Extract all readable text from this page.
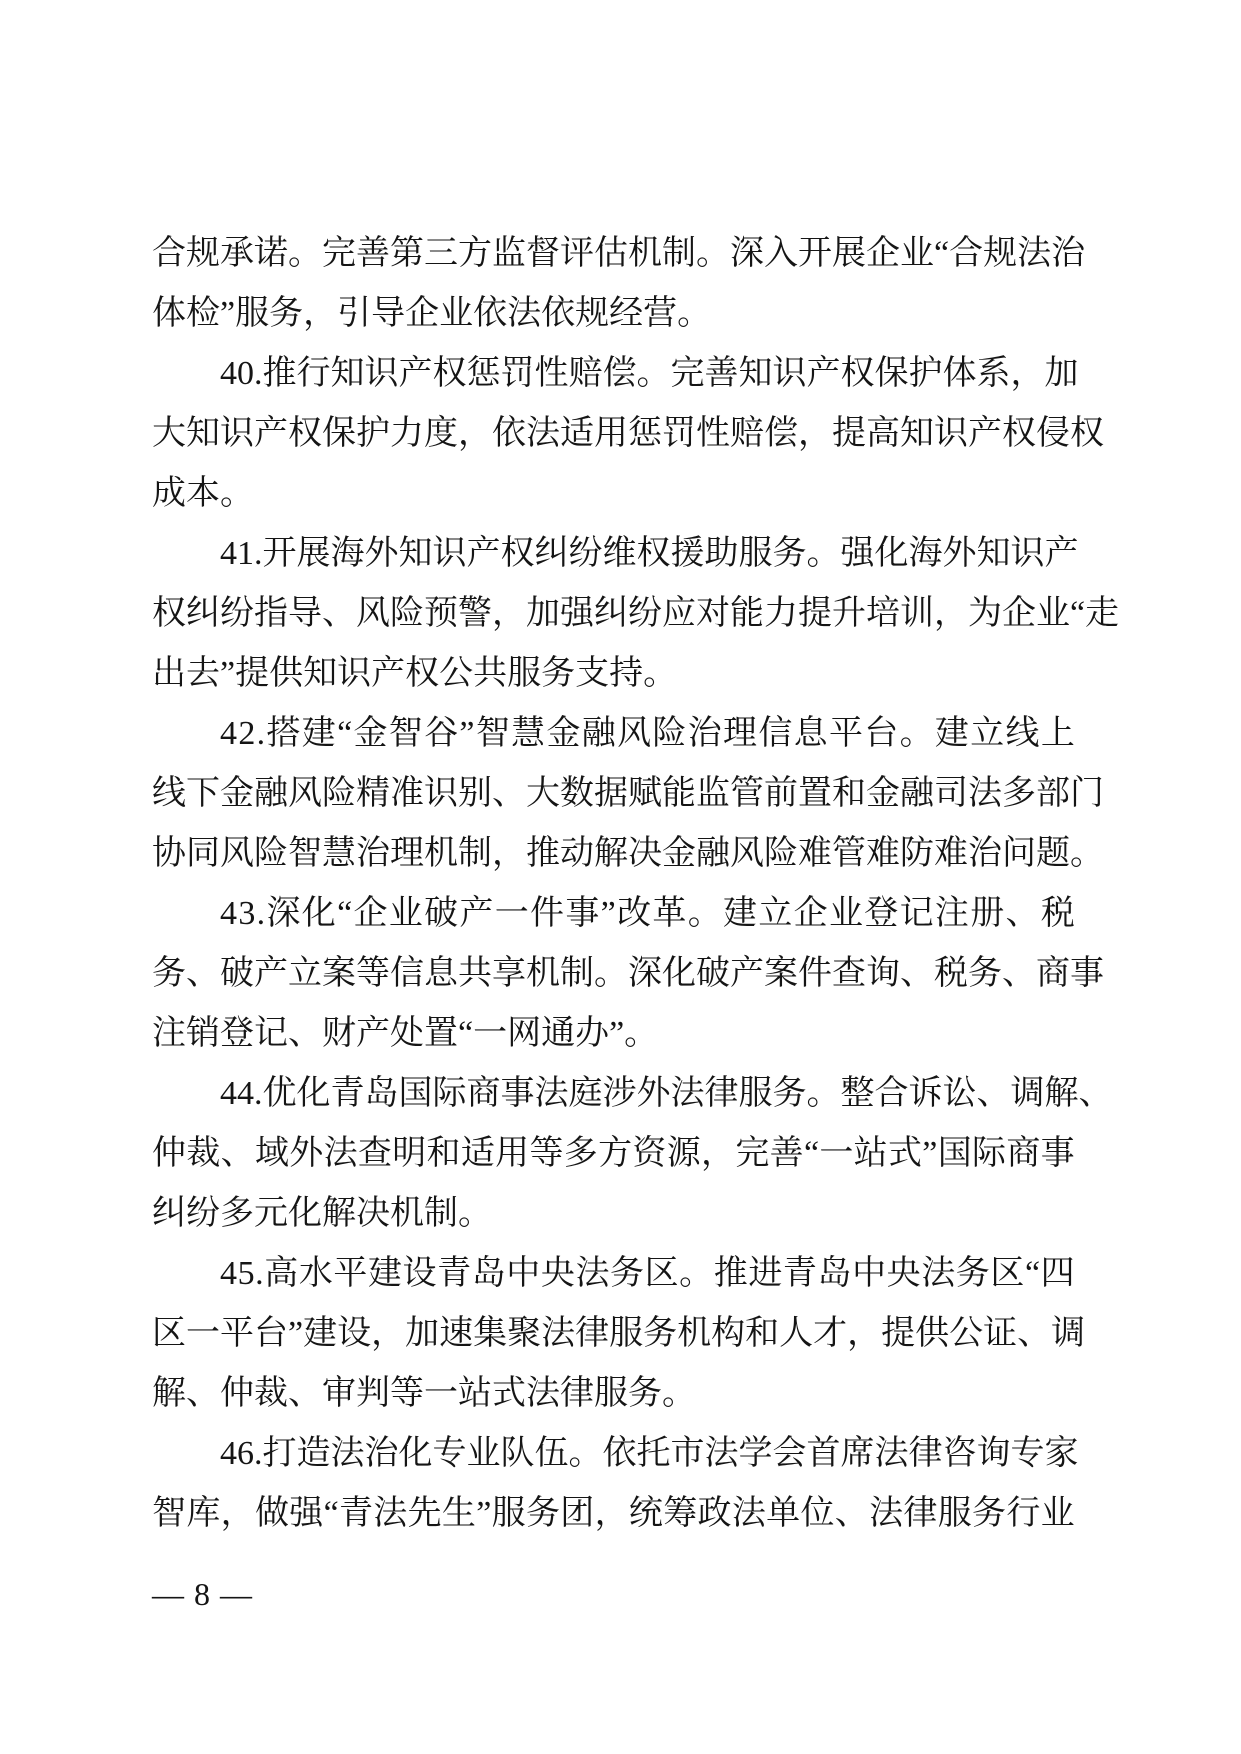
合 规 承 诺 。 完 善 第 三 方 监 督 评 估 机 制 。 深 入 开 展 企 业 “ 合 规 法 治
体检”服务，引导企业依法依规经营。
4 0 . 推 行 知 识 产 权 惩 罚 性 赔 偿 。 完 善 知 识 产 权 保 护 体 系 ， 加
大 知 识 产 权 保 护 力 度 ， 依 法 适 用 惩 罚 性 赔 偿 ， 提 高 知 识 产 权 侵 权
成本。
4 1 . 开 展 海 外 知 识 产 权 纠 纷 维 权 援 助 服 务 。 强 化 海 外 知 识 产
权 纠 纷 指 导 、 风 险 预 警 ， 加 强 纠 纷 应 对 能 力 提 升 培 训 ， 为 企 业 “ 走
出去”提供知识产权公共服务支持。
4 2 . 搭 建 “ 金 智 谷 ” 智 慧 金 融 风 险 治 理 信 息 平 台 。 建 立 线 上
线 下 金 融 风 险 精 准 识 别 、 大 数 据 赋 能 监 管 前 置 和 金 融 司 法 多 部 门
协 同 风 险 智 慧 治 理 机 制 ， 推 动 解 决 金 融 风 险 难 管 难 防 难 治 问 题 。
4 3 . 深 化 “ 企 业 破 产 一 件 事 ” 改 革 。 建 立 企 业 登 记 注 册 、 税
务 、 破 产 立 案 等 信 息 共 享 机 制 。 深 化 破 产 案 件 查 询 、 税 务 、 商 事
注销登记、财产处置“一网通办”。
4 4 . 优 化 青 岛 国 际 商 事 法 庭 涉 外 法 律 服 务 。 整 合 诉 讼 、 调 解 、
仲 裁 、 域 外 法 查 明 和 适 用 等 多 方 资 源 ， 完 善 “ 一 站 式 ” 国 际 商 事
纠纷多元化解决机制。
4 5 . 高 水 平 建 设 青 岛 中 央 法 务 区 。 推 进 青 岛 中 央 法 务 区 “ 四
区 一 平 台 ” 建 设 ， 加 速 集 聚 法 律 服 务 机 构 和 人 才 ， 提 供 公 证 、 调
解、仲裁、审判等一站式法律服务。
4 6 . 打 造 法 治 化 专 业 队 伍 。 依 托 市 法 学 会 首 席 法 律 咨 询 专 家
智 库 ， 做 强 “ 青 法 先 生 ” 服 务 团 ， 统 筹 政 法 单 位 、 法 律 服 务 行 业
— 8 —
